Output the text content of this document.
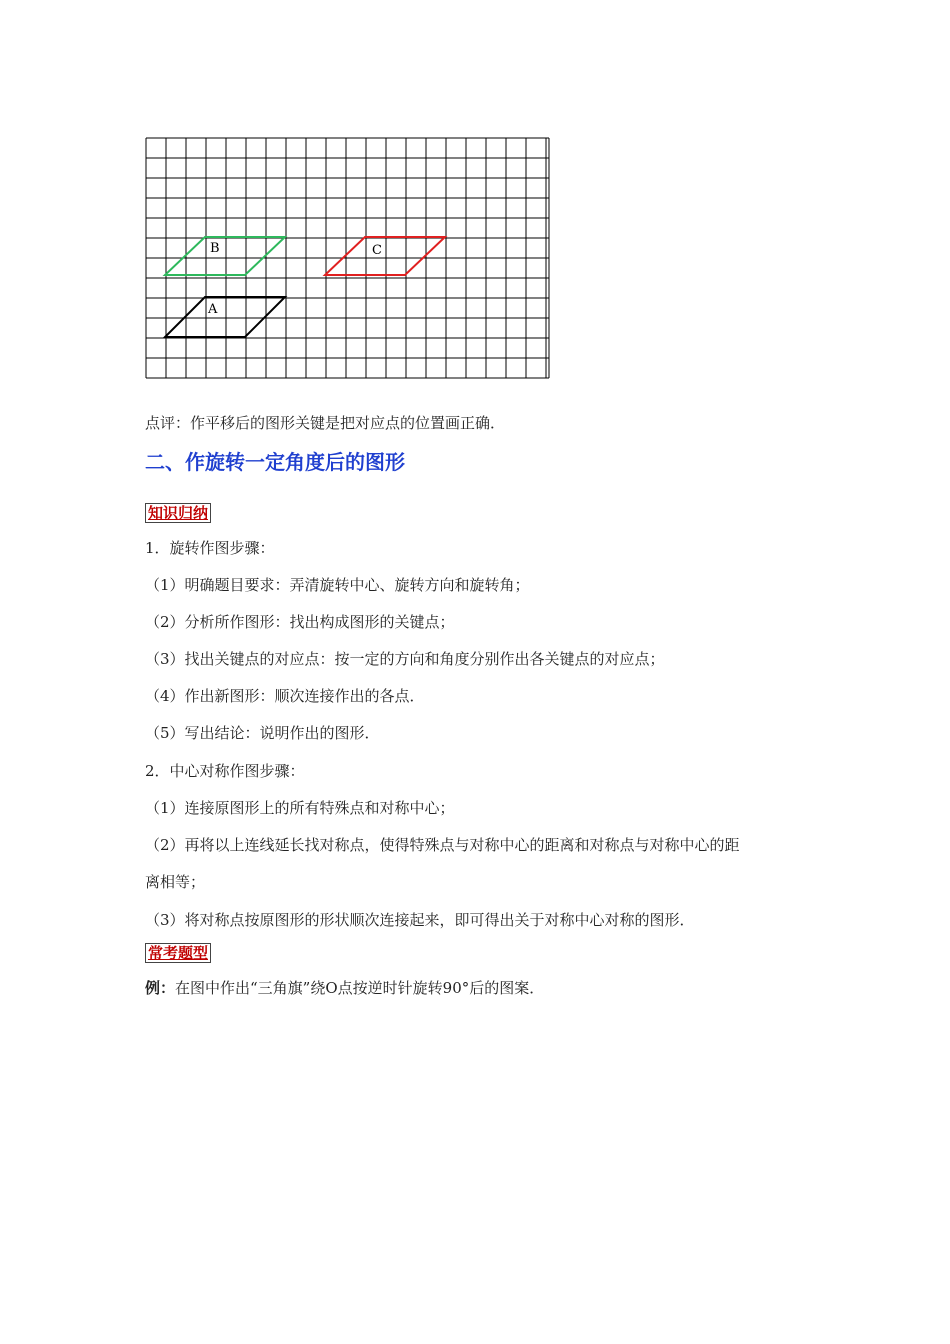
B	C
A
点评：作平移后的图形关键是把对应点的位置画正确．
二、作旋转一定角度后的图形
知识归纳
1．旋转作图步骤：
（1）明确题目要求：弄清旋转中心、旋转方向和旋转角；
（2）分析所作图形：找出构成图形的关键点；
（3）找出关键点的对应点：按一定的方向和角度分别作出各关键点的对应点；
（4）作出新图形：顺次连接作出的各点．
（5）写出结论：说明作出的图形．
2．中心对称作图步骤：
（1）连接原图形上的所有特殊点和对称中心；
（2）再将以上连线延长找对称点，使得特殊点与对称中心的距离和对称点与对称中心的距
离相等；
（3）将对称点按原图形的形状顺次连接起来，即可得出关于对称中心对称的图形．
常考题型
例：在图中作出“三角旗”绕O点按逆时针旋转90°后的图案．
